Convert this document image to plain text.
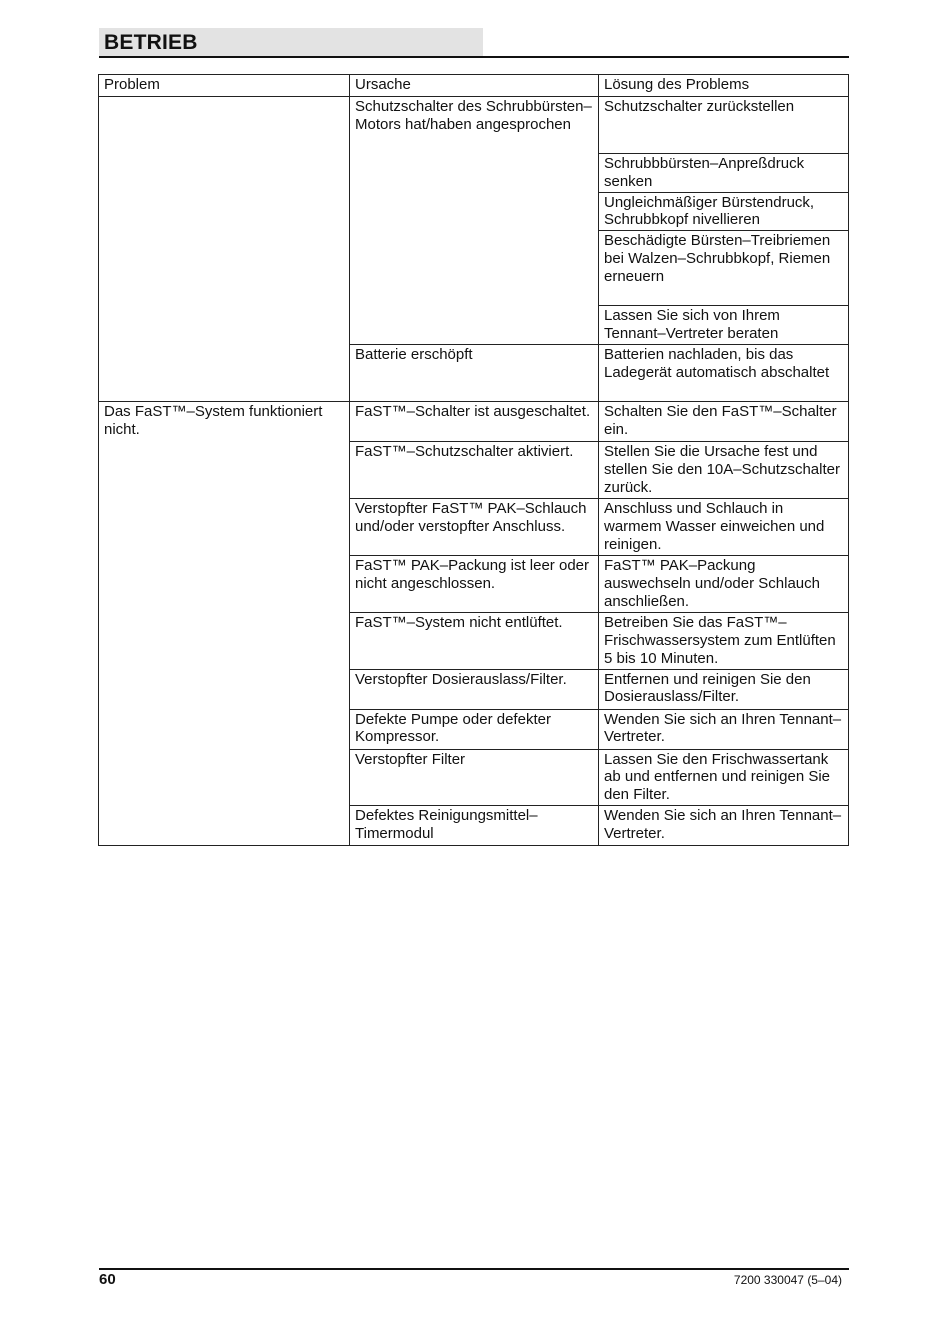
BETRIEB
Problem	Ursache	Lösung des Problems
	Schutzschalter des Schrubbürsten–Motors hat/haben angesprochen	Schutzschalter zurückstellen
		Schrubbbürsten–Anpreßdruck senken
		Ungleichmäßiger Bürstendruck, Schrubbkopf nivellieren
		Beschädigte Bürsten–Treibriemen bei Walzen–Schrubbkopf, Riemen erneuern
		Lassen Sie sich von Ihrem Tennant–Vertreter beraten
	Batterie erschöpft	Batterien nachladen, bis das Ladegerät automatisch abschaltet
Das FaST™–System funktioniert nicht.	FaST™–Schalter ist ausgeschaltet.	Schalten Sie den FaST™–Schalter ein.
	FaST™–Schutzschalter aktiviert.	Stellen Sie die Ursache fest und stellen Sie den 10A–Schutzschalter zurück.
	Verstopfter FaST™ PAK–Schlauch und/oder verstopfter Anschluss.	Anschluss und Schlauch in warmem Wasser einweichen und reinigen.
	FaST™ PAK–Packung ist leer oder nicht angeschlossen.	FaST™ PAK–Packung auswechseln und/oder Schlauch anschließen.
	FaST™–System nicht entlüftet.	Betreiben Sie das FaST™–Frischwassersystem zum Entlüften 5 bis 10 Minuten.
	Verstopfter Dosierauslass/Filter.	Entfernen und reinigen Sie den Dosierauslass/Filter.
	Defekte Pumpe oder defekter Kompressor.	Wenden Sie sich an Ihren Tennant–Vertreter.
	Verstopfter Filter	Lassen Sie den Frischwassertank ab und entfernen und reinigen Sie den Filter.
	Defektes Reinigungsmittel–Timermodul	Wenden Sie sich an Ihren Tennant–Vertreter.
60	7200 330047 (5–04)
